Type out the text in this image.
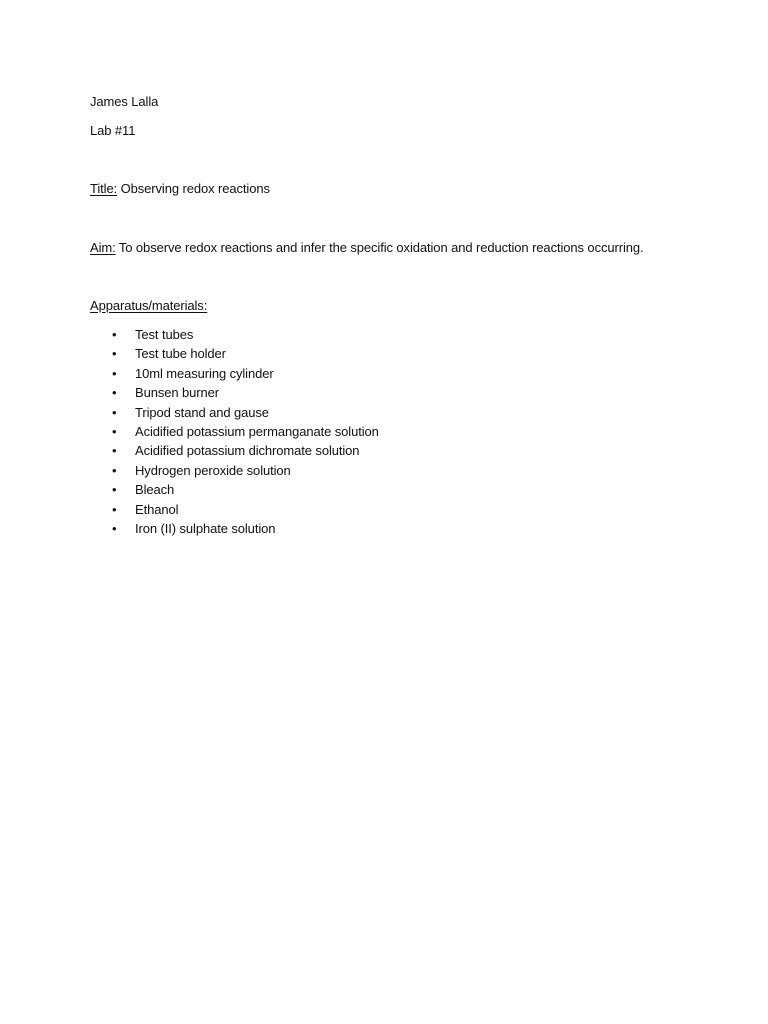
James Lalla
Lab #11
Title: Observing redox reactions
Aim: To observe redox reactions and infer the specific oxidation and reduction reactions occurring.
Apparatus/materials:
• Test tubes
• Test tube holder
• 10ml measuring cylinder
• Bunsen burner
• Tripod stand and gause
• Acidified potassium permanganate solution
• Acidified potassium dichromate solution
• Hydrogen peroxide solution
• Bleach
• Ethanol
• Iron (II) sulphate solution
